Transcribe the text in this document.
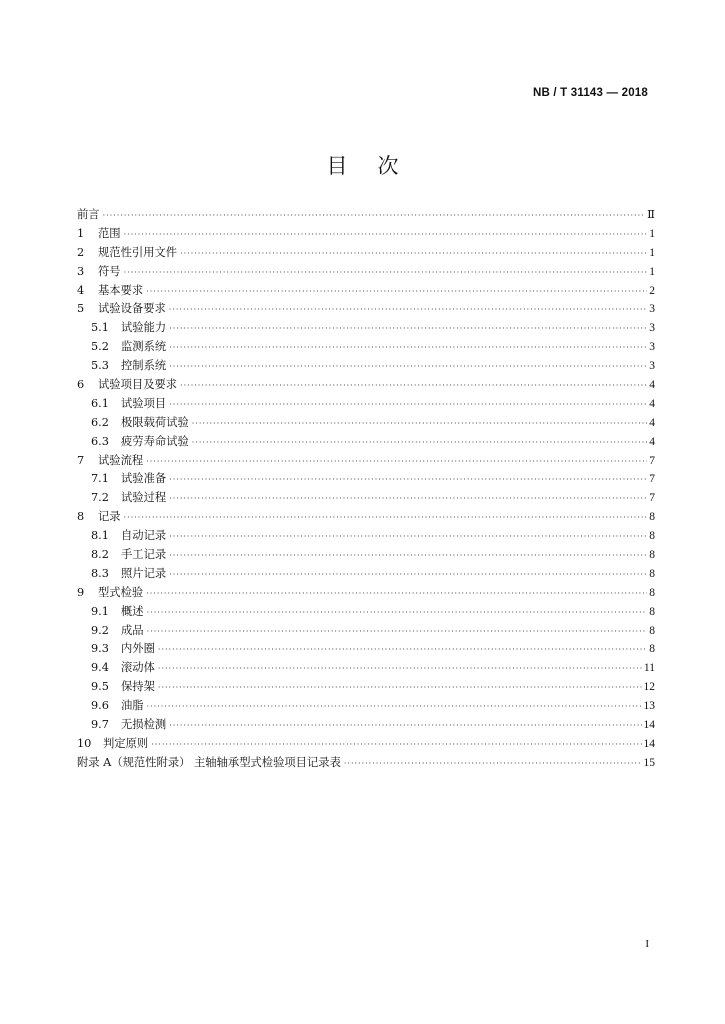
NB / T 31143 — 2018
目 次
前言 ·····	Ⅱ
1	范围 ·····	1
2	规范性引用文件 ·····	1
3	符号 ·····	1
4	基本要求 ·····	2
5	试验设备要求 ·····	3
5.1	试验能力 ·····	3
5.2	监测系统 ·····	3
5.3	控制系统 ·····	3
6	试验项目及要求 ·····	4
6.1	试验项目 ·····	4
6.2	极限载荷试验 ·····	4
6.3	疲劳寿命试验 ·····	4
7	试验流程 ·····	7
7.1	试验准备 ·····	7
7.2	试验过程 ·····	7
8	记录 ·····	8
8.1	自动记录 ·····	8
8.2	手工记录 ·····	8
8.3	照片记录 ·····	8
9	型式检验 ·····	8
9.1	概述 ·····	8
9.2	成品 ·····	8
9.3	内外圈 ·····	8
9.4	滚动体 ·····	11
9.5	保持架 ·····	12
9.6	油脂 ·····	13
9.7	无损检测 ·····	14
10	判定原则 ·····	14
附录 A（规范性附录） 主轴轴承型式检验项目记录表 ·····	15
I
